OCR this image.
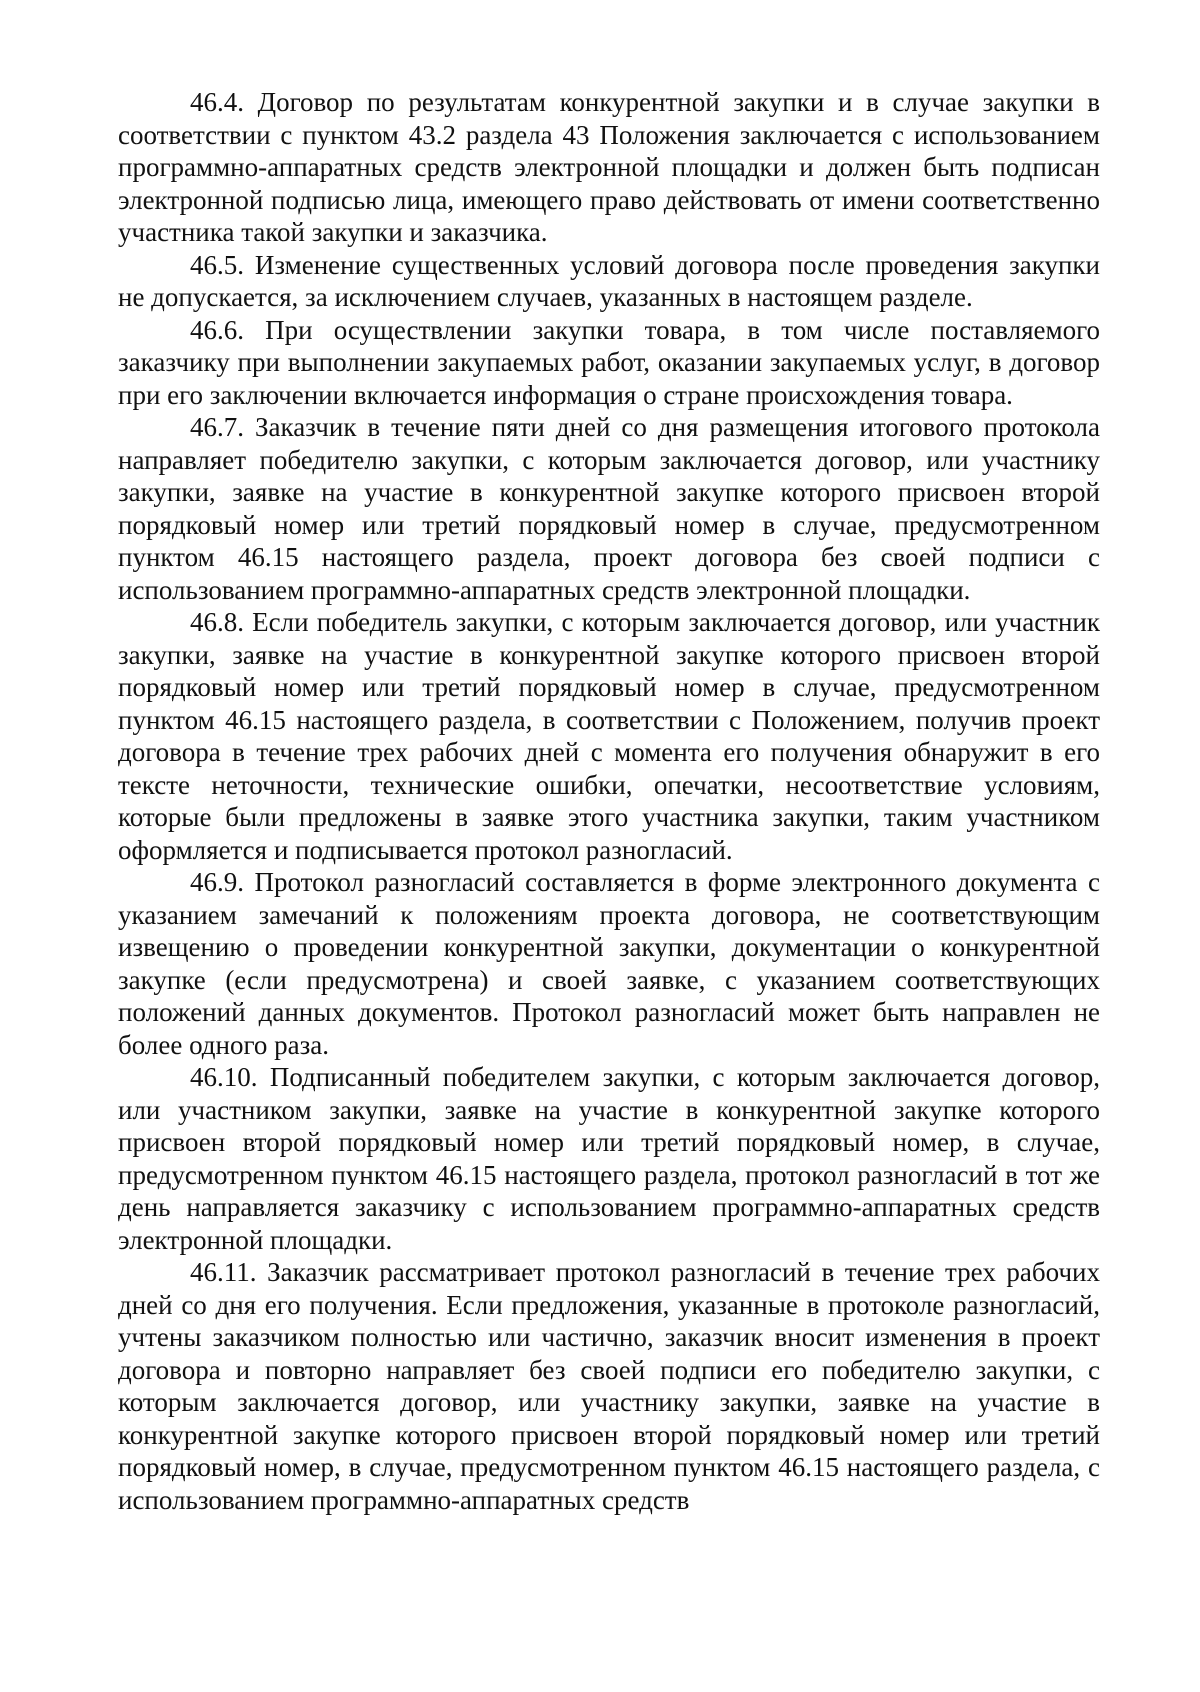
46.4. Договор по результатам конкурентной закупки и в случае закупки в соответствии с пунктом 43.2 раздела 43 Положения заключается с использованием программно-аппаратных средств электронной площадки и должен быть подписан электронной подписью лица, имеющего право действовать от имени соответственно участника такой закупки и заказчика.

46.5. Изменение существенных условий договора после проведения закупки не допускается, за исключением случаев, указанных в настоящем разделе.

46.6. При осуществлении закупки товара, в том числе поставляемого заказчику при выполнении закупаемых работ, оказании закупаемых услуг, в договор при его заключении включается информация о стране происхождения товара.

46.7. Заказчик в течение пяти дней со дня размещения итогового протокола направляет победителю закупки, с которым заключается договор, или участнику закупки, заявке на участие в конкурентной закупке которого присвоен второй порядковый номер или третий порядковый номер в случае, предусмотренном пунктом 46.15 настоящего раздела, проект договора без своей подписи с использованием программно-аппаратных средств электронной площадки.

46.8. Если победитель закупки, с которым заключается договор, или участник закупки, заявке на участие в конкурентной закупке которого присвоен второй порядковый номер или третий порядковый номер в случае, предусмотренном пунктом 46.15 настоящего раздела, в соответствии с Положением, получив проект договора в течение трех рабочих дней с момента его получения обнаружит в его тексте неточности, технические ошибки, опечатки, несоответствие условиям, которые были предложены в заявке этого участника закупки, таким участником оформляется и подписывается протокол разногласий.

46.9. Протокол разногласий составляется в форме электронного документа с указанием замечаний к положениям проекта договора, не соответствующим извещению о проведении конкурентной закупки, документации о конкурентной закупке (если предусмотрена) и своей заявке, с указанием соответствующих положений данных документов. Протокол разногласий может быть направлен не более одного раза.

46.10. Подписанный победителем закупки, с которым заключается договор, или участником закупки, заявке на участие в конкурентной закупке которого присвоен второй порядковый номер или третий порядковый номер, в случае, предусмотренном пунктом 46.15 настоящего раздела, протокол разногласий в тот же день направляется заказчику с использованием программно-аппаратных средств электронной площадки.

46.11. Заказчик рассматривает протокол разногласий в течение трех рабочих дней со дня его получения. Если предложения, указанные в протоколе разногласий, учтены заказчиком полностью или частично, заказчик вносит изменения в проект договора и повторно направляет без своей подписи его победителю закупки, с которым заключается договор, или участнику закупки, заявке на участие в конкурентной закупке которого присвоен второй порядковый номер или третий порядковый номер, в случае, предусмотренном пунктом 46.15 настоящего раздела, с использованием программно-аппаратных средств
